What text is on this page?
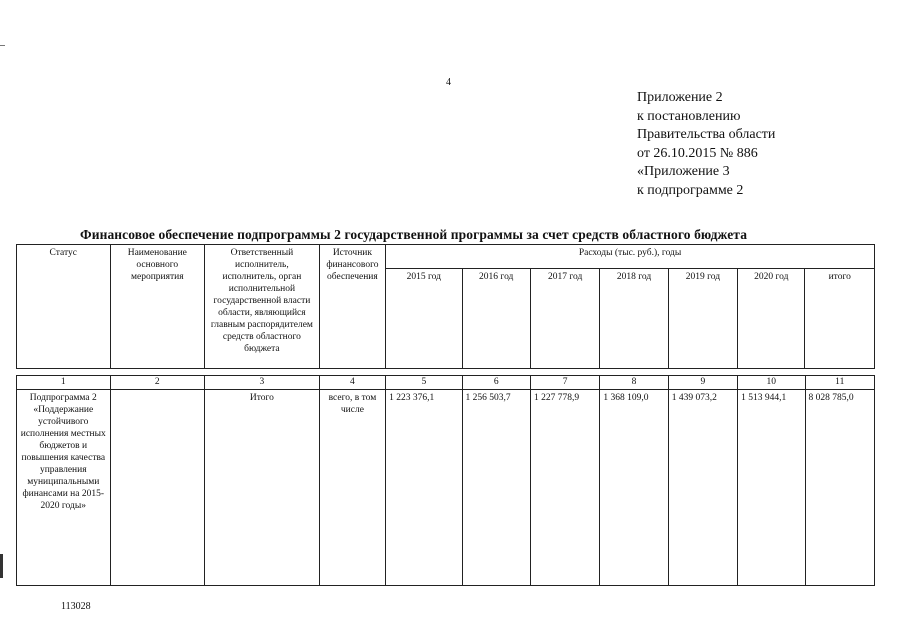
4
Приложение 2
к постановлению
Правительства области
от 26.10.2015 № 886
«Приложение 3
к подпрограмме 2
Финансовое обеспечение подпрограммы 2 государственной программы за счет средств областного бюджета
Статус	Наименование основного мероприятия	Ответственный исполнитель, исполнитель, орган исполнительной государственной власти области, являющийся главным распорядителем средств областного бюджета	Источник финансового обеспечения	Расходы (тыс. руб.), годы						
				2015 год	2016 год	2017 год	2018 год	2019 год	2020 год	итого
1	2	3	4	5	6	7	8	9	10	11
Подпрограмма 2 «Поддержание устойчивого исполнения местных бюджетов и повышения качества управления муниципальными финансами на 2015-2020 годы»		Итого	всего, в том числе	1 223 376,1	1 256 503,7	1 227 778,9	1 368 109,0	1 439 073,2	1 513 944,1	8 028 785,0
113028
